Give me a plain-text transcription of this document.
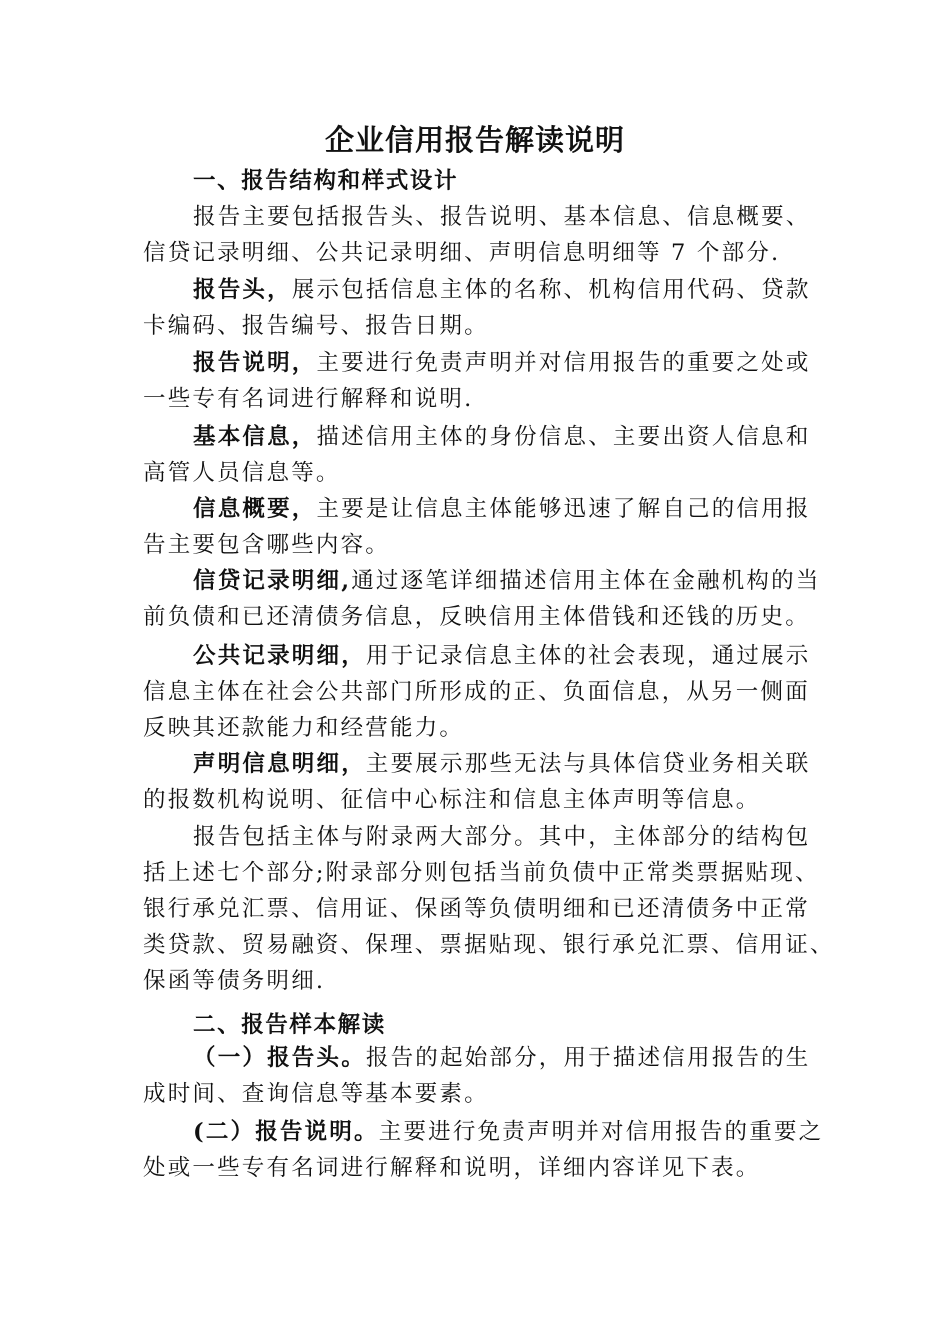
企业信用报告解读说明
一、报告结构和样式设计
报告主要包括报告头、报告说明、基本信息、信息概要、
信贷记录明细、公共记录明细、声明信息明细等 7 个部分.
报告头，展示包括信息主体的名称、机构信用代码、贷款
卡编码、报告编号、报告日期。
报告说明，主要进行免责声明并对信用报告的重要之处或
一些专有名词进行解释和说明.
基本信息，描述信用主体的身份信息、主要出资人信息和
高管人员信息等。
信息概要，主要是让信息主体能够迅速了解自己的信用报
告主要包含哪些内容。
信贷记录明细,通过逐笔详细描述信用主体在金融机构的当
前负债和已还清债务信息，反映信用主体借钱和还钱的历史。
公共记录明细，用于记录信息主体的社会表现，通过展示
信息主体在社会公共部门所形成的正、负面信息，从另一侧面
反映其还款能力和经营能力。
声明信息明细，主要展示那些无法与具体信贷业务相关联
的报数机构说明、征信中心标注和信息主体声明等信息。
报告包括主体与附录两大部分。其中，主体部分的结构包
括上述七个部分;附录部分则包括当前负债中正常类票据贴现、
银行承兑汇票、信用证、保函等负债明细和已还清债务中正常
类贷款、贸易融资、保理、票据贴现、银行承兑汇票、信用证、
保函等债务明细.
二、报告样本解读
（一）报告头。报告的起始部分，用于描述信用报告的生
成时间、查询信息等基本要素。
(二）报告说明。主要进行免责声明并对信用报告的重要之
处或一些专有名词进行解释和说明，详细内容详见下表。
